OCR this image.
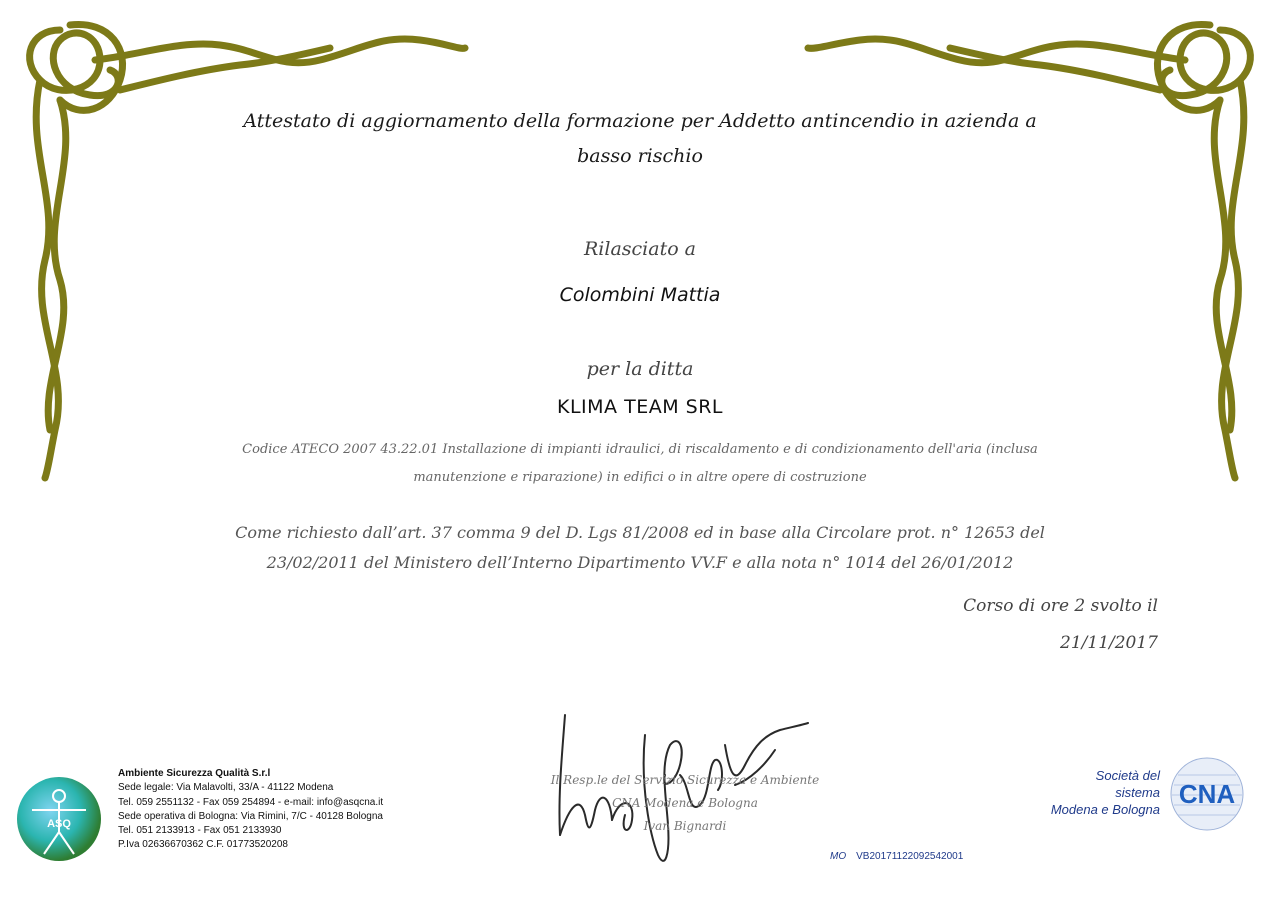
Attestato di aggiornamento della formazione per Addetto antincendio in azienda a basso rischio
Rilasciato a
Colombini Mattia
per la ditta
KLIMA TEAM SRL
Codice ATECO 2007 43.22.01 Installazione di impianti idraulici, di riscaldamento e di condizionamento dell'aria (inclusa
manutenzione e riparazione) in edifici o in altre opere di costruzione
Come richiesto dall’art. 37 comma 9 del D. Lgs 81/2008 ed in base alla Circolare prot. n° 12653 del
23/02/2011 del Ministero dell’Interno Dipartimento VV.F e alla nota n° 1014 del 26/01/2012
Corso di ore 2 svolto il
21/11/2017
Il Resp.le del Servizio Sicurezza e Ambiente
CNA Modena e Bologna
Ivan Bignardi
ASQ
Ambiente Sicurezza Qualità S.r.l
Sede legale: Via Malavolti, 33/A - 41122 Modena
Tel. 059 2551132 - Fax 059 254894 - e-mail: info@asqcna.it
Sede operativa di Bologna: Via Rimini, 7/C - 40128 Bologna
Tel. 051 2133913 - Fax 051 2133930
P.Iva 02636670362 C.F. 01773520208
Società del
sistema
Modena e Bologna
CNA
MO VB20171122092542001
